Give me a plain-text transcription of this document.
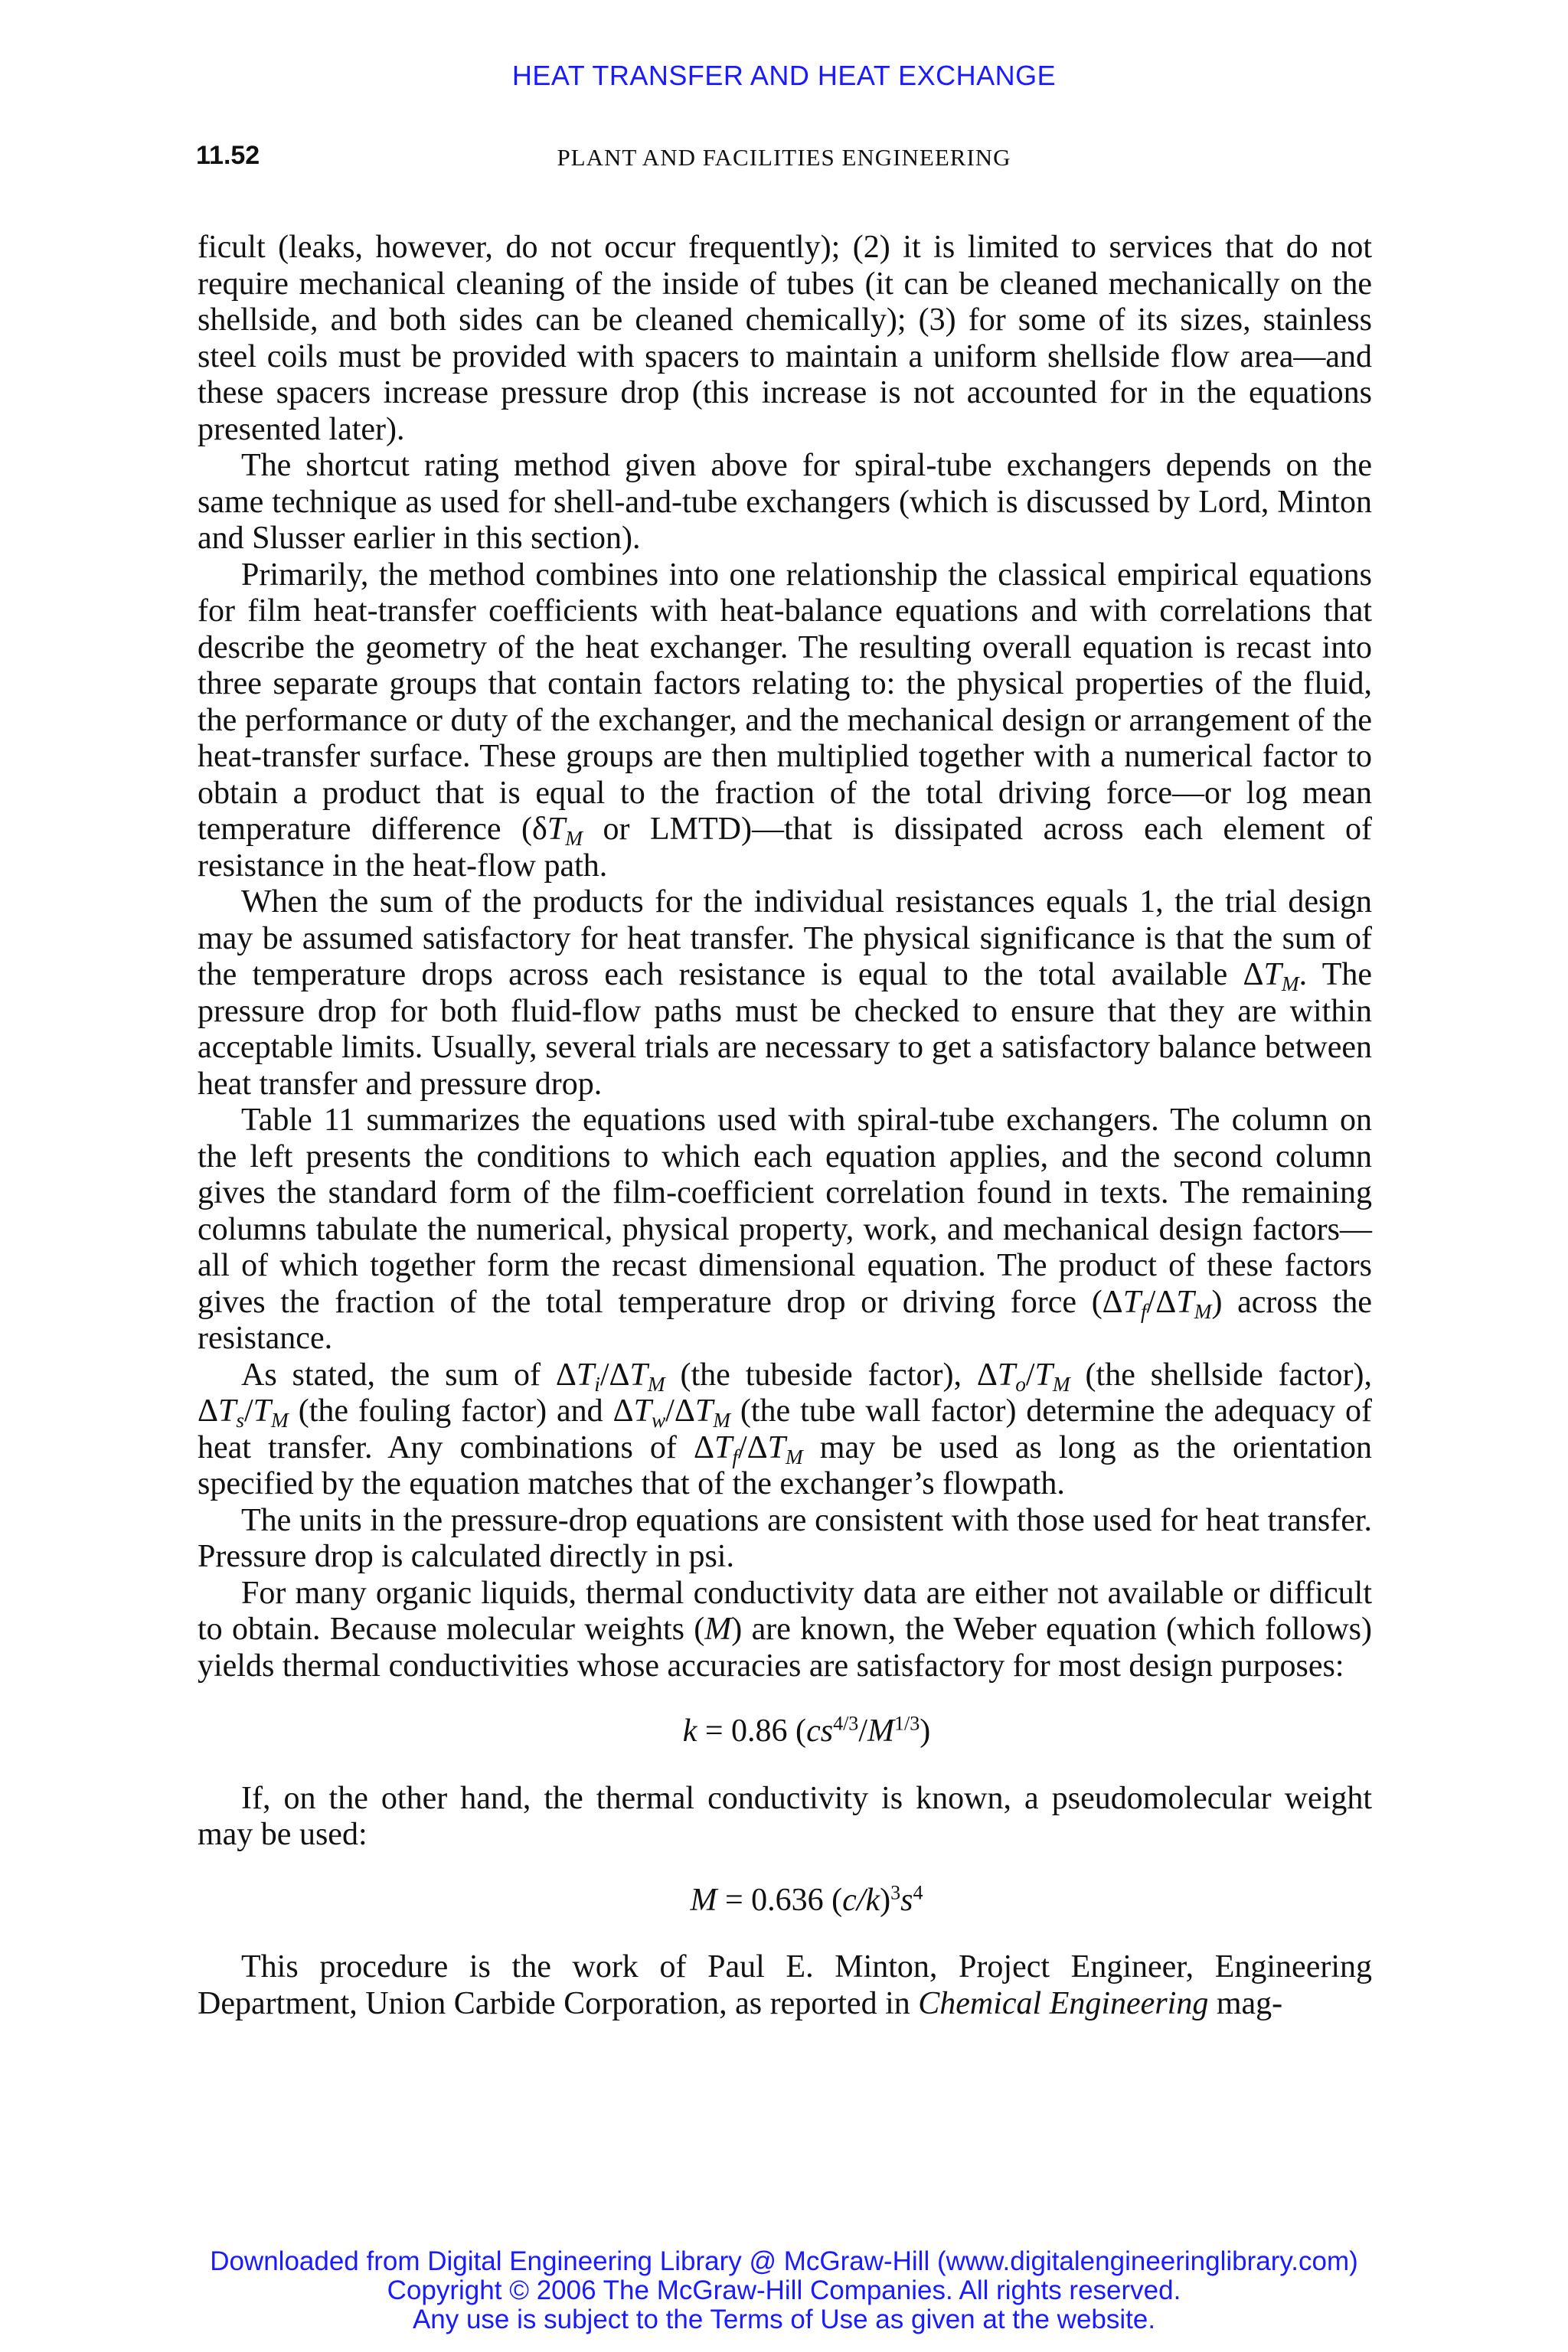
HEAT TRANSFER AND HEAT EXCHANGE
11.52	PLANT AND FACILITIES ENGINEERING

ficult (leaks, however, do not occur frequently); (2) it is limited to services that do not require mechanical cleaning of the inside of tubes (it can be cleaned mechanically on the shellside, and both sides can be cleaned chemically); (3) for some of its sizes, stainless steel coils must be provided with spacers to maintain a uniform shellside flow area—and these spacers increase pressure drop (this increase is not accounted for in the equations presented later).

The shortcut rating method given above for spiral-tube exchangers depends on the same technique as used for shell-and-tube exchangers (which is discussed by Lord, Minton and Slusser earlier in this section).

Primarily, the method combines into one relationship the classical empirical equations for film heat-transfer coefficients with heat-balance equations and with correlations that describe the geometry of the heat exchanger. The resulting overall equation is recast into three separate groups that contain factors relating to: the physical properties of the fluid, the performance or duty of the exchanger, and the mechanical design or arrangement of the heat-transfer surface. These groups are then multiplied together with a numerical factor to obtain a product that is equal to the fraction of the total driving force—or log mean temperature difference ($\delta T_M$ or LMTD)—that is dissipated across each element of resistance in the heat-flow path.

When the sum of the products for the individual resistances equals 1, the trial design may be assumed satisfactory for heat transfer. The physical significance is that the sum of the temperature drops across each resistance is equal to the total available $\Delta T_M$. The pressure drop for both fluid-flow paths must be checked to ensure that they are within acceptable limits. Usually, several trials are necessary to get a satisfactory balance between heat transfer and pressure drop.

Table 11 summarizes the equations used with spiral-tube exchangers. The column on the left presents the conditions to which each equation applies, and the second column gives the standard form of the film-coefficient correlation found in texts. The remaining columns tabulate the numerical, physical property, work, and mechanical design factors—all of which together form the recast dimensional equation. The product of these factors gives the fraction of the total temperature drop or driving force $(\Delta T_f/\Delta T_M)$ across the resistance.

As stated, the sum of $\Delta T_i/\Delta T_M$ (the tubeside factor), $\Delta T_o/T_M$ (the shellside factor), $\Delta T_s/T_M$ (the fouling factor) and $\Delta T_w/\Delta T_M$ (the tube wall factor) determine the adequacy of heat transfer. Any combinations of $\Delta T_f/\Delta T_M$ may be used as long as the orientation specified by the equation matches that of the exchanger’s flowpath.

The units in the pressure-drop equations are consistent with those used for heat transfer. Pressure drop is calculated directly in psi.

For many organic liquids, thermal conductivity data are either not available or difficult to obtain. Because molecular weights (M) are known, the Weber equation (which follows) yields thermal conductivities whose accuracies are satisfactory for most design purposes:

k = 0.86 $(cs^{4/3}/M^{1/3})$

If, on the other hand, the thermal conductivity is known, a pseudomolecular weight may be used:

M = 0.636 $(c/k)^3s^4$

This procedure is the work of Paul E. Minton, Project Engineer, Engineering Department, Union Carbide Corporation, as reported in Chemical Engineering mag-

Downloaded from Digital Engineering Library @ McGraw-Hill (www.digitalengineeringlibrary.com)
Copyright © 2006 The McGraw-Hill Companies. All rights reserved.
Any use is subject to the Terms of Use as given at the website.
